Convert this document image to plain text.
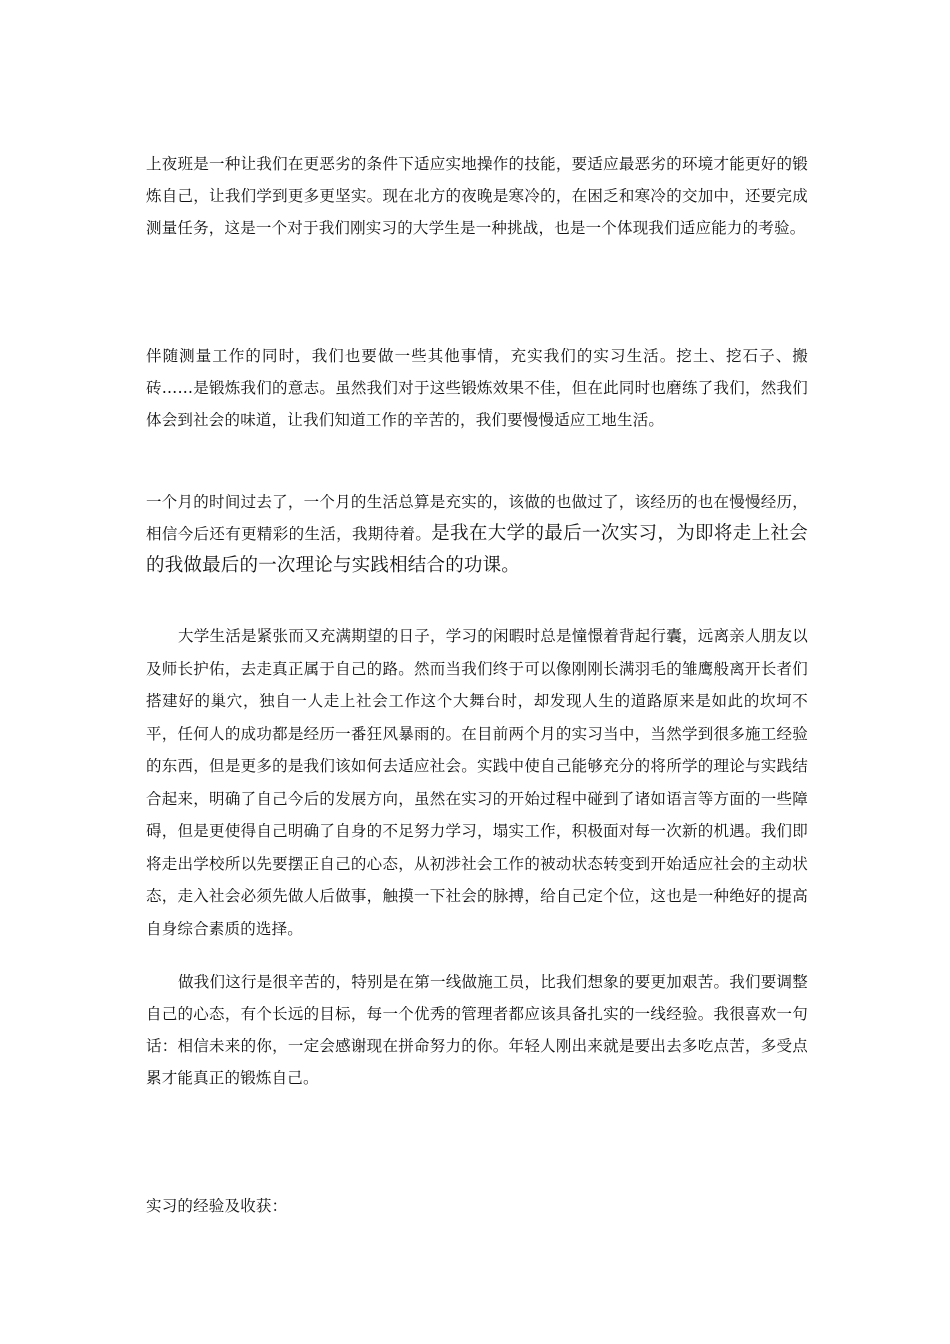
上夜班是一种让我们在更恶劣的条件下适应实地操作的技能，要适应最恶劣的环境才能更好的锻炼自己，让我们学到更多更坚实。现在北方的夜晚是寒冷的，在困乏和寒冷的交加中，还要完成测量任务，这是一个对于我们刚实习的大学生是一种挑战，也是一个体现我们适应能力的考验。

伴随测量工作的同时，我们也要做一些其他事情，充实我们的实习生活。挖土、挖石子、搬砖……是锻炼我们的意志。虽然我们对于这些锻炼效果不佳，但在此同时也磨练了我们，然我们体会到社会的味道，让我们知道工作的辛苦的，我们要慢慢适应工地生活。

一个月的时间过去了，一个月的生活总算是充实的，该做的也做过了，该经历的也在慢慢经历，相信今后还有更精彩的生活，我期待着。是我在大学的最后一次实习，为即将走上社会的我做最后的一次理论与实践相结合的功课。

大学生活是紧张而又充满期望的日子，学习的闲暇时总是憧憬着背起行囊，远离亲人朋友以及师长护佑，去走真正属于自己的路。然而当我们终于可以像刚刚长满羽毛的雏鹰般离开长者们搭建好的巢穴，独自一人走上社会工作这个大舞台时，却发现人生的道路原来是如此的坎坷不平，任何人的成功都是经历一番狂风暴雨的。在目前两个月的实习当中，当然学到很多施工经验的东西，但是更多的是我们该如何去适应社会。实践中使自己能够充分的将所学的理论与实践结合起来，明确了自己今后的发展方向，虽然在实习的开始过程中碰到了诸如语言等方面的一些障碍，但是更使得自己明确了自身的不足努力学习，塌实工作，积极面对每一次新的机遇。我们即将走出学校所以先要摆正自己的心态，从初涉社会工作的被动状态转变到开始适应社会的主动状态，走入社会必须先做人后做事，触摸一下社会的脉搏，给自己定个位，这也是一种绝好的提高自身综合素质的选择。

做我们这行是很辛苦的，特别是在第一线做施工员，比我们想象的要更加艰苦。我们要调整自己的心态，有个长远的目标，每一个优秀的管理者都应该具备扎实的一线经验。我很喜欢一句话：相信未来的你，一定会感谢现在拼命努力的你。年轻人刚出来就是要出去多吃点苦，多受点累才能真正的锻炼自己。

实习的经验及收获：
